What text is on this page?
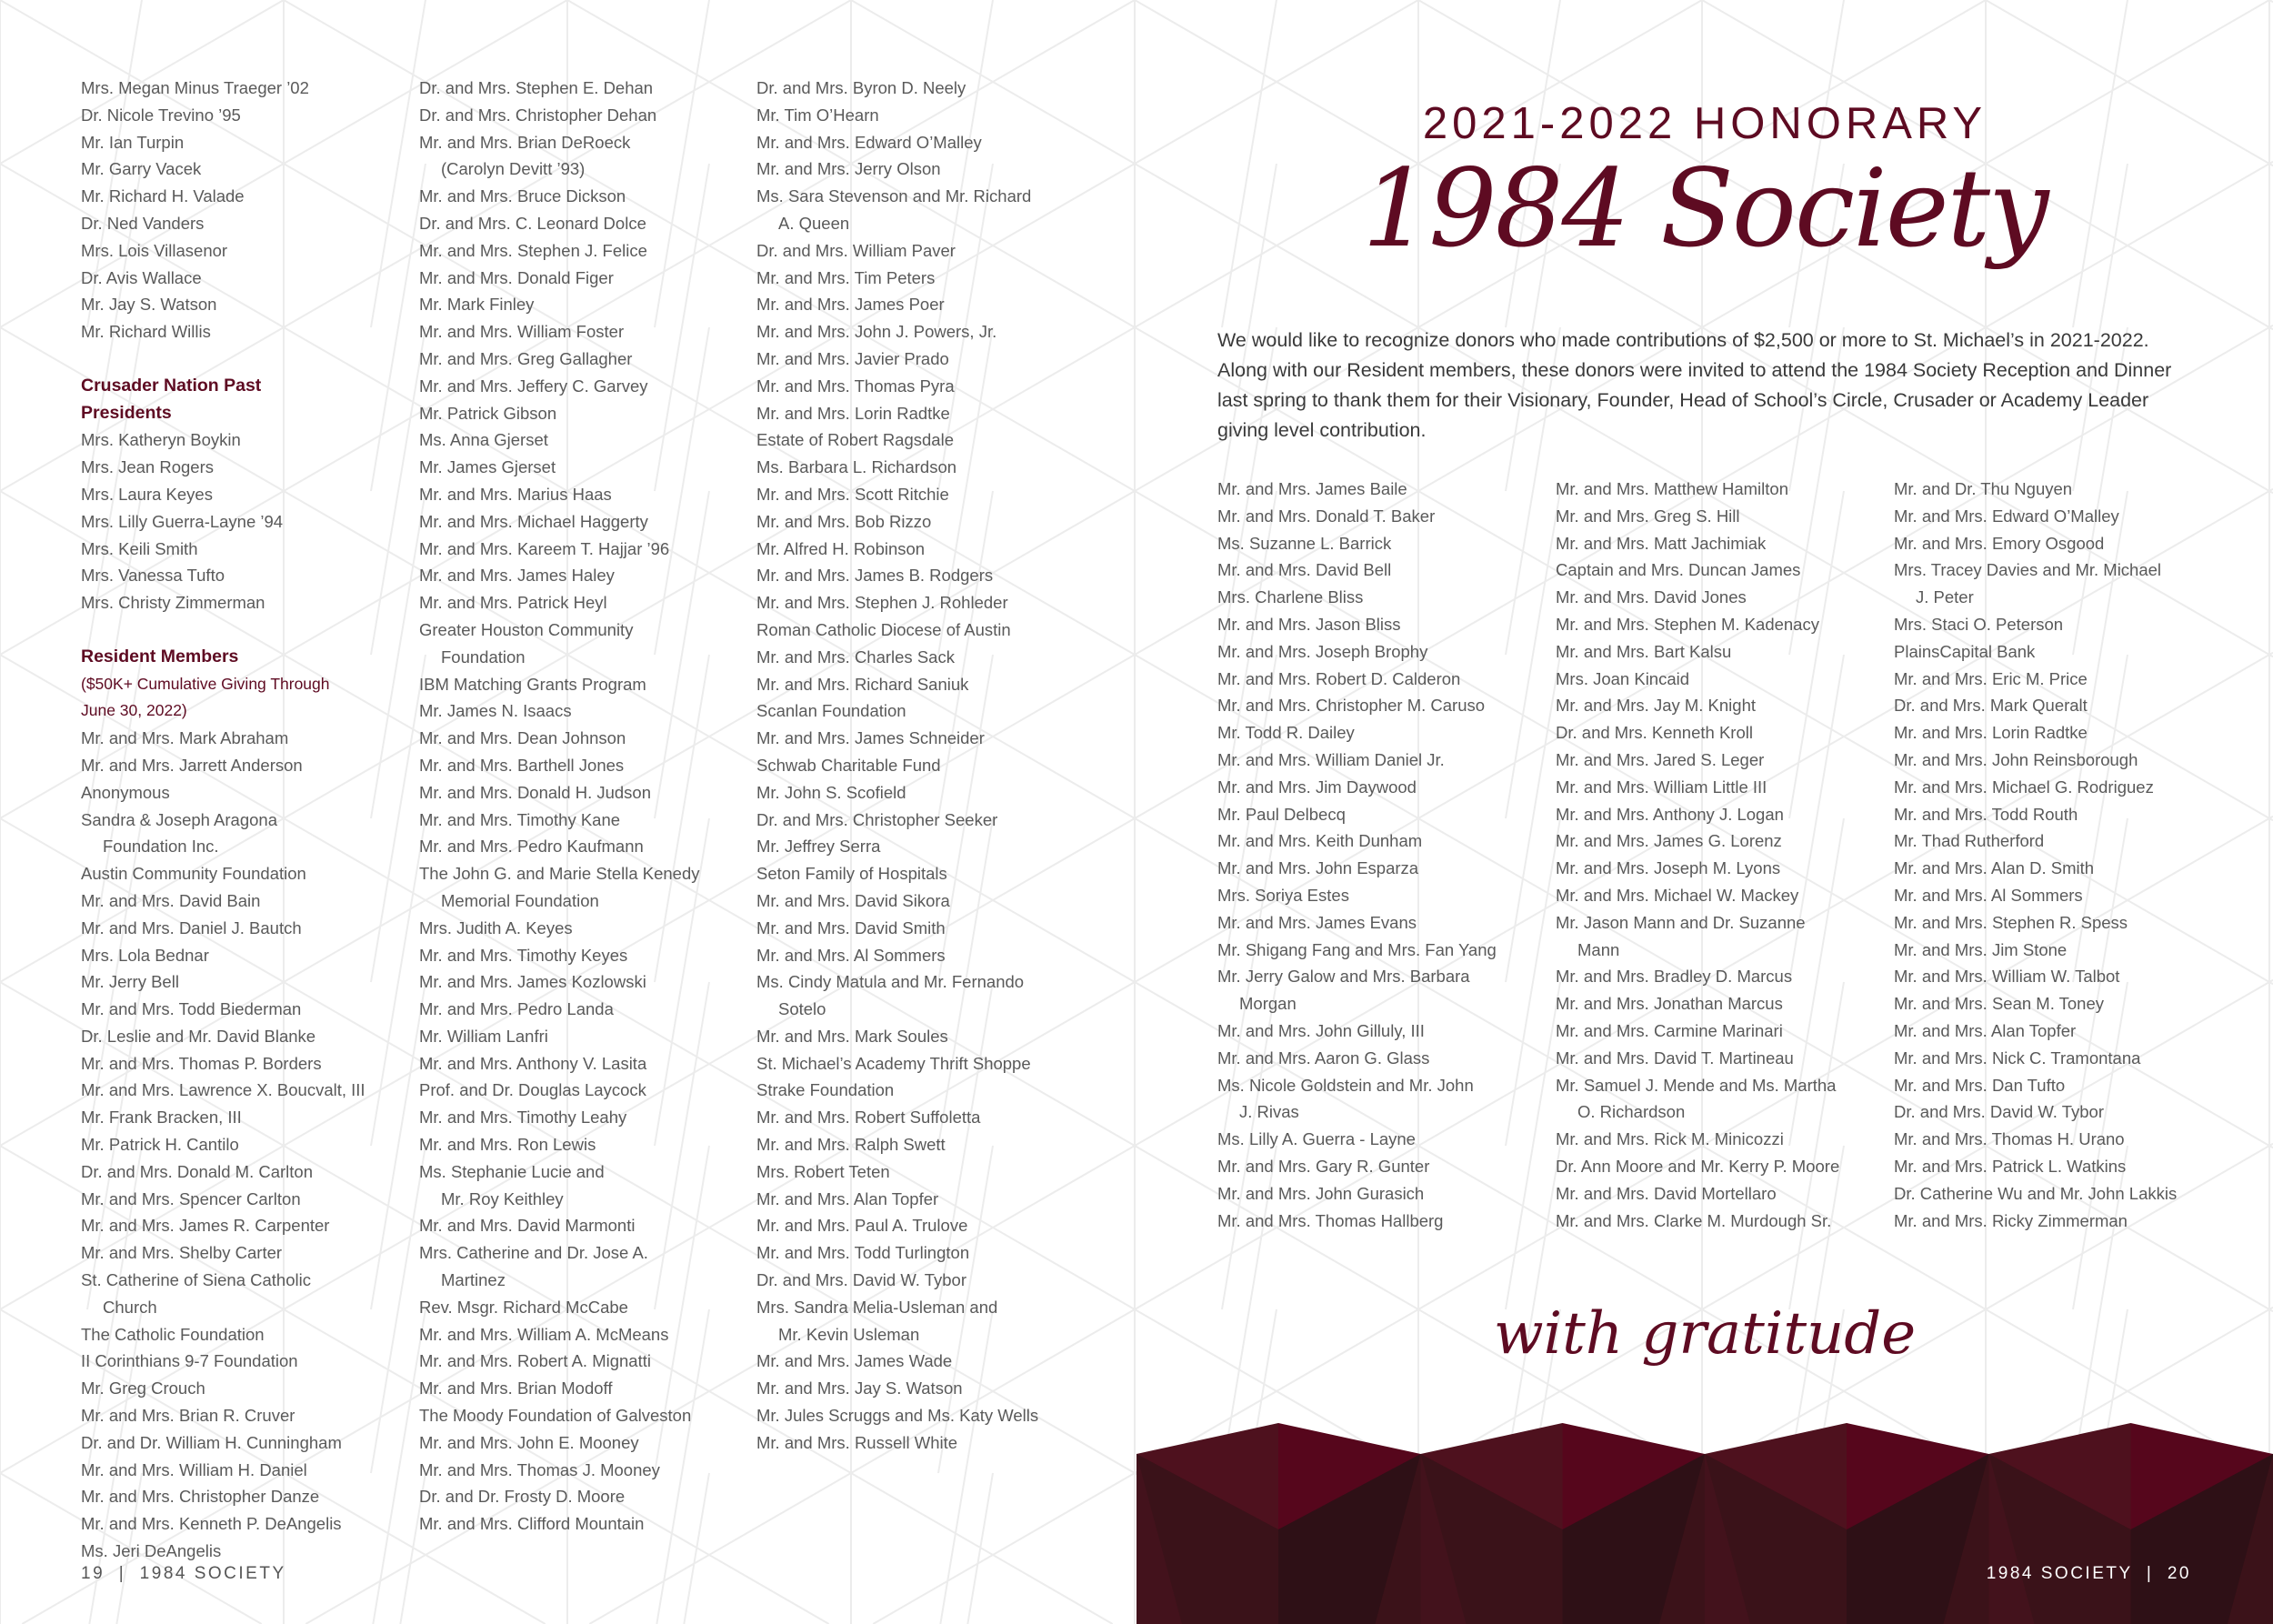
Mrs. Megan Minus Traeger ’02
Dr. Nicole Trevino ’95
Mr. Ian Turpin
Mr. Garry Vacek
Mr. Richard H. Valade
Dr. Ned Vanders
Mrs. Lois Villasenor
Dr. Avis Wallace
Mr. Jay S. Watson
Mr. Richard Willis
Crusader Nation Past
Presidents
Mrs. Katheryn Boykin
Mrs. Jean Rogers
Mrs. Laura Keyes
Mrs. Lilly Guerra-Layne ’94
Mrs. Keili Smith
Mrs. Vanessa Tufto
Mrs. Christy Zimmerman
Resident Members
($50K+ Cumulative Giving Through
June 30, 2022)
Mr. and Mrs. Mark Abraham
Mr. and Mrs. Jarrett Anderson
Anonymous
Sandra & Joseph Aragona
Foundation Inc.
Austin Community Foundation
Mr. and Mrs. David Bain
Mr. and Mrs. Daniel J. Bautch
Mrs. Lola Bednar
Mr. Jerry Bell
Mr. and Mrs. Todd Biederman
Dr. Leslie and Mr. David Blanke
Mr. and Mrs. Thomas P. Borders
Mr. and Mrs. Lawrence X. Boucvalt, III
Mr. Frank Bracken, III
Mr. Patrick H. Cantilo
Dr. and Mrs. Donald M. Carlton
Mr. and Mrs. Spencer Carlton
Mr. and Mrs. James R. Carpenter
Mr. and Mrs. Shelby Carter
St. Catherine of Siena Catholic
Church
The Catholic Foundation
II Corinthians 9-7 Foundation
Mr. Greg Crouch
Mr. and Mrs. Brian R. Cruver
Dr. and Dr. William H. Cunningham
Mr. and Mrs. William H. Daniel
Mr. and Mrs. Christopher Danze
Mr. and Mrs. Kenneth P. DeAngelis
Ms. Jeri DeAngelis
Dr. and Mrs. Stephen E. Dehan
Dr. and Mrs. Christopher Dehan
Mr. and Mrs. Brian DeRoeck
(Carolyn Devitt ’93)
Mr. and Mrs. Bruce Dickson
Dr. and Mrs. C. Leonard Dolce
Mr. and Mrs. Stephen J. Felice
Mr. and Mrs. Donald Figer
Mr. Mark Finley
Mr. and Mrs. William Foster
Mr. and Mrs. Greg Gallagher
Mr. and Mrs. Jeffery C. Garvey
Mr. Patrick Gibson
Ms. Anna Gjerset
Mr. James Gjerset
Mr. and Mrs. Marius Haas
Mr. and Mrs. Michael Haggerty
Mr. and Mrs. Kareem T. Hajjar ’96
Mr. and Mrs. James Haley
Mr. and Mrs. Patrick Heyl
Greater Houston Community
Foundation
IBM Matching Grants Program
Mr. James N. Isaacs
Mr. and Mrs. Dean Johnson
Mr. and Mrs. Barthell Jones
Mr. and Mrs. Donald H. Judson
Mr. and Mrs. Timothy Kane
Mr. and Mrs. Pedro Kaufmann
The John G. and Marie Stella Kenedy
Memorial Foundation
Mrs. Judith A. Keyes
Mr. and Mrs. Timothy Keyes
Mr. and Mrs. James Kozlowski
Mr. and Mrs. Pedro Landa
Mr. William Lanfri
Mr. and Mrs. Anthony V. Lasita
Prof. and Dr. Douglas Laycock
Mr. and Mrs. Timothy Leahy
Mr. and Mrs. Ron Lewis
Ms. Stephanie Lucie and
Mr. Roy Keithley
Mr. and Mrs. David Marmonti
Mrs. Catherine and Dr. Jose A.
Martinez
Rev. Msgr. Richard McCabe
Mr. and Mrs. William A. McMeans
Mr. and Mrs. Robert A. Mignatti
Mr. and Mrs. Brian Modoff
The Moody Foundation of Galveston
Mr. and Mrs. John E. Mooney
Mr. and Mrs. Thomas J. Mooney
Dr. and Dr. Frosty D. Moore
Mr. and Mrs. Clifford Mountain
Dr. and Mrs. Byron D. Neely
Mr. Tim O’Hearn
Mr. and Mrs. Edward O’Malley
Mr. and Mrs. Jerry Olson
Ms. Sara Stevenson and Mr. Richard
A. Queen
Dr. and Mrs. William Paver
Mr. and Mrs. Tim Peters
Mr. and Mrs. James Poer
Mr. and Mrs. John J. Powers, Jr.
Mr. and Mrs. Javier Prado
Mr. and Mrs. Thomas Pyra
Mr. and Mrs. Lorin Radtke
Estate of Robert Ragsdale
Ms. Barbara L. Richardson
Mr. and Mrs. Scott Ritchie
Mr. and Mrs. Bob Rizzo
Mr. Alfred H. Robinson
Mr. and Mrs. James B. Rodgers
Mr. and Mrs. Stephen J. Rohleder
Roman Catholic Diocese of Austin
Mr. and Mrs. Charles Sack
Mr. and Mrs. Richard Saniuk
Scanlan Foundation
Mr. and Mrs. James Schneider
Schwab Charitable Fund
Mr. John S. Scofield
Dr. and Mrs. Christopher Seeker
Mr. Jeffrey Serra
Seton Family of Hospitals
Mr. and Mrs. David Sikora
Mr. and Mrs. David Smith
Mr. and Mrs. Al Sommers
Ms. Cindy Matula and Mr. Fernando
Sotelo
Mr. and Mrs. Mark Soules
St. Michael’s Academy Thrift Shoppe
Strake Foundation
Mr. and Mrs. Robert Suffoletta
Mr. and Mrs. Ralph Swett
Mrs. Robert Teten
Mr. and Mrs. Alan Topfer
Mr. and Mrs. Paul A. Trulove
Mr. and Mrs. Todd Turlington
Dr. and Mrs. David W. Tybor
Mrs. Sandra Melia-Usleman and
Mr. Kevin Usleman
Mr. and Mrs. James Wade
Mr. and Mrs. Jay S. Watson
Mr. Jules Scruggs and Ms. Katy Wells
Mr. and Mrs. Russell White
19  |  1984 SOCIETY
2021-2022 HONORARY
1984 Society
We would like to recognize donors who made contributions of $2,500 or more to St. Michael’s in 2021-2022. Along with our Resident members, these donors were invited to attend the 1984 Society Reception and Dinner last spring to thank them for their Visionary, Founder, Head of School’s Circle, Crusader or Academy Leader giving level contribution.
Mr. and Mrs. James Baile
Mr. and Mrs. Donald T. Baker
Ms. Suzanne L. Barrick
Mr. and Mrs. David Bell
Mrs. Charlene Bliss
Mr. and Mrs. Jason Bliss
Mr. and Mrs. Joseph Brophy
Mr. and Mrs. Robert D. Calderon
Mr. and Mrs. Christopher M. Caruso
Mr. Todd R. Dailey
Mr. and Mrs. William Daniel Jr.
Mr. and Mrs. Jim Daywood
Mr. Paul Delbecq
Mr. and Mrs. Keith Dunham
Mr. and Mrs. John Esparza
Mrs. Soriya Estes
Mr. and Mrs. James Evans
Mr. Shigang Fang and Mrs. Fan Yang
Mr. Jerry Galow and Mrs. Barbara
Morgan
Mr. and Mrs. John Gilluly, III
Mr. and Mrs. Aaron G. Glass
Ms. Nicole Goldstein and Mr. John
J. Rivas
Ms. Lilly A. Guerra - Layne
Mr. and Mrs. Gary R. Gunter
Mr. and Mrs. John Gurasich
Mr. and Mrs. Thomas Hallberg
Mr. and Mrs. Matthew Hamilton
Mr. and Mrs. Greg S. Hill
Mr. and Mrs. Matt Jachimiak
Captain and Mrs. Duncan James
Mr. and Mrs. David Jones
Mr. and Mrs. Stephen M. Kadenacy
Mr. and Mrs. Bart Kalsu
Mrs. Joan Kincaid
Mr. and Mrs. Jay M. Knight
Dr. and Mrs. Kenneth Kroll
Mr. and Mrs. Jared S. Leger
Mr. and Mrs. William Little III
Mr. and Mrs. Anthony J. Logan
Mr. and Mrs. James G. Lorenz
Mr. and Mrs. Joseph M. Lyons
Mr. and Mrs. Michael W. Mackey
Mr. Jason Mann and Dr. Suzanne
Mann
Mr. and Mrs. Bradley D. Marcus
Mr. and Mrs. Jonathan Marcus
Mr. and Mrs. Carmine Marinari
Mr. and Mrs. David T. Martineau
Mr. Samuel J. Mende and Ms. Martha
O. Richardson
Mr. and Mrs. Rick M. Minicozzi
Dr. Ann Moore and Mr. Kerry P. Moore
Mr. and Mrs. David Mortellaro
Mr. and Mrs. Clarke M. Murdough Sr.
Mr. and Dr. Thu Nguyen
Mr. and Mrs. Edward O’Malley
Mr. and Mrs. Emory Osgood
Mrs. Tracey Davies and Mr. Michael
J. Peter
Mrs. Staci O. Peterson
PlainsCapital Bank
Mr. and Mrs. Eric M. Price
Dr. and Mrs. Mark Queralt
Mr. and Mrs. Lorin Radtke
Mr. and Mrs. John Reinsborough
Mr. and Mrs. Michael G. Rodriguez
Mr. and Mrs. Todd Routh
Mr. Thad Rutherford
Mr. and Mrs. Alan D. Smith
Mr. and Mrs. Al Sommers
Mr. and Mrs. Stephen R. Spess
Mr. and Mrs. Jim Stone
Mr. and Mrs. William W. Talbot
Mr. and Mrs. Sean M. Toney
Mr. and Mrs. Alan Topfer
Mr. and Mrs. Nick C. Tramontana
Mr. and Mrs. Dan Tufto
Dr. and Mrs. David W. Tybor
Mr. and Mrs. Thomas H. Urano
Mr. and Mrs. Patrick L. Watkins
Dr. Catherine Wu and Mr. John Lakkis
Mr. and Mrs. Ricky Zimmerman
with gratitude
1984 SOCIETY  |  20
